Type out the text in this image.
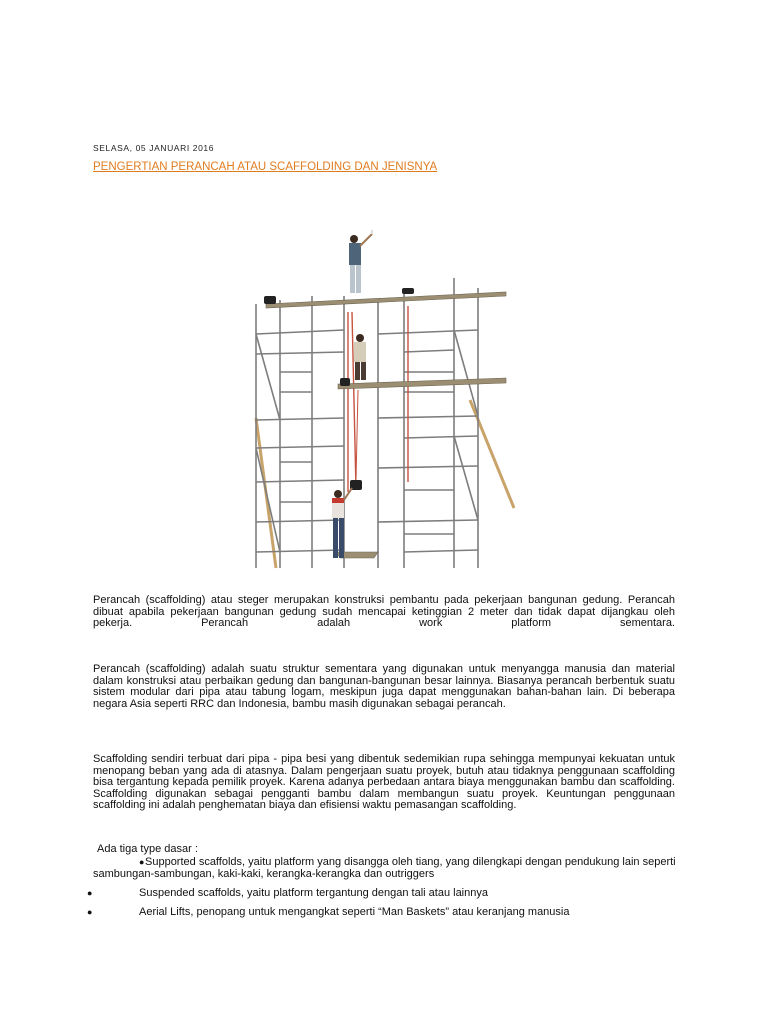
SELASA, 05 JANUARI 2016
PENGERTIAN PERANCAH ATAU SCAFFOLDING DAN JENISNYA

Perancah (scaffolding) atau steger merupakan konstruksi pembantu pada pekerjaan bangunan gedung. Perancah dibuat apabila pekerjaan bangunan gedung sudah mencapai ketinggian 2 meter dan tidak dapat dijangkau oleh pekerja. Perancah adalah work platform sementara.

Perancah (scaffolding) adalah suatu struktur sementara yang digunakan untuk menyangga manusia dan material dalam konstruksi atau perbaikan gedung dan bangunan-bangunan besar lainnya. Biasanya perancah berbentuk suatu sistem modular dari pipa atau tabung logam, meskipun juga dapat menggunakan bahan-bahan lain. Di beberapa negara Asia seperti RRC dan Indonesia, bambu masih digunakan sebagai perancah.

Scaffolding sendiri terbuat dari pipa - pipa besi yang dibentuk sedemikian rupa sehingga mempunyai kekuatan untuk menopang beban yang ada di atasnya. Dalam pengerjaan suatu proyek, butuh atau tidaknya penggunaan scaffolding bisa tergantung kepada pemilik proyek. Karena adanya perbedaan antara biaya menggunakan bambu dan scaffolding. Scaffolding digunakan sebagai pengganti bambu dalam membangun suatu proyek. Keuntungan penggunaan scaffolding ini adalah penghematan biaya dan efisiensi waktu pemasangan scaffolding.

Ada tiga type dasar :
● Supported scaffolds, yaitu platform yang disangga oleh tiang, yang dilengkapi dengan pendukung lain seperti sambungan-sambungan, kaki-kaki, kerangka-kerangka dan outriggers
●	Suspended scaffolds, yaitu platform tergantung dengan tali atau lainnya
●	Aerial Lifts, penopang untuk mengangkat seperti “Man Baskets” atau keranjang manusia
